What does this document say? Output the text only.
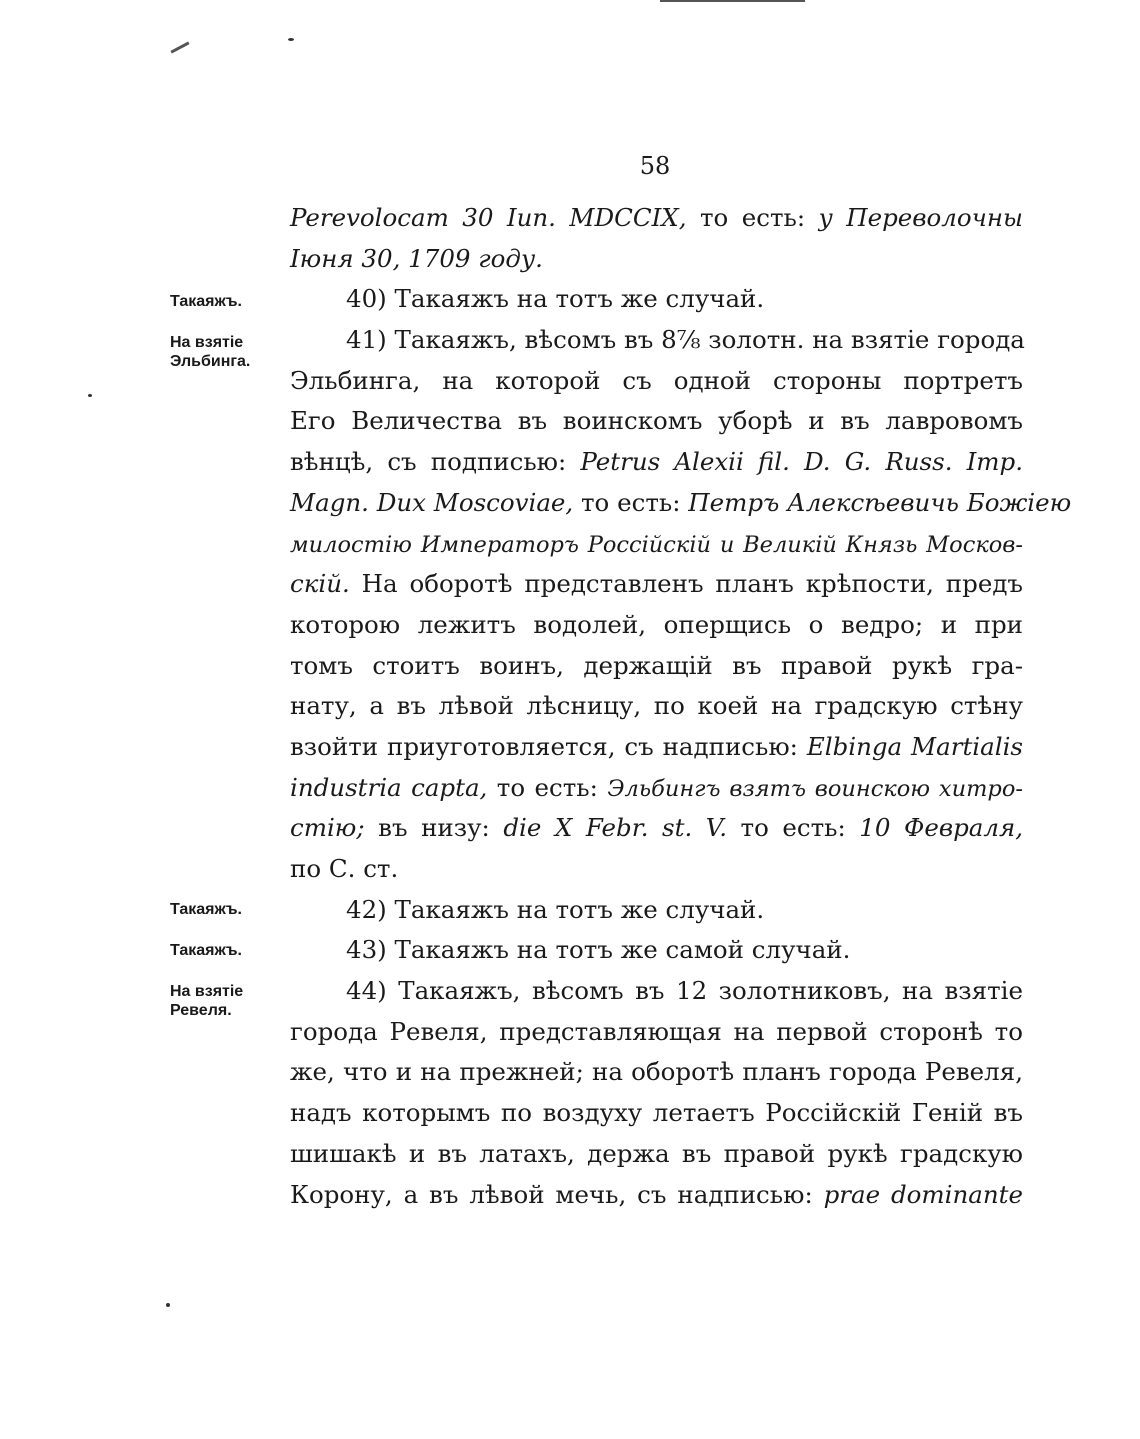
58
Такаяжъ.
На взятіе
Эльбинга.
Такаяжъ.
Такаяжъ.
На взятіе
Ревеля.
Perevolocam 30 Iun. MDCCIX, то есть: у Переволочны
Іюня 30, 1709 году.
40) Такаяжъ на тотъ же случай.
41) Такаяжъ, вѣсомъ въ 8⅞ золотн. на взятіе города
Эльбинга, на которой съ одной стороны портретъ
Его Величества въ воинскомъ уборѣ и въ лавровомъ
вѣнцѣ, съ подписью: Petrus Alexii fil. D. G. Russ. Imp.
Magn. Dux Moscoviae, то есть: Петръ Алексѣевичь Божіею
милостію Императоръ Россійскій и Великій Князь Москов-
скій. На оборотѣ представленъ планъ крѣпости, предъ
которою лежитъ водолей, оперщись о ведро; и при
томъ стоитъ воинъ, держащій въ правой рукѣ гра-
нату, а въ лѣвой лѣсницу, по коей на градскую стѣну
взойти приуготовляется, съ надписью: Elbinga Martialis
industria capta, то есть: Эльбингъ взятъ воинскою хитро-
стію; въ низу: die X Febr. st. V. то есть: 10 Февраля,
по С. ст.
42) Такаяжъ на тотъ же случай.
43) Такаяжъ на тотъ же самой случай.
44) Такаяжъ, вѣсомъ въ 12 золотниковъ, на взятіе
города Ревеля, представляющая на первой сторонѣ то
же, что и на прежней; на оборотѣ планъ города Ревеля,
надъ которымъ по воздуху летаетъ Россійскій Геній въ
шишакѣ и въ латахъ, держа въ правой рукѣ градскую
Корону, а въ лѣвой мечь, съ надписью: prae dominante
